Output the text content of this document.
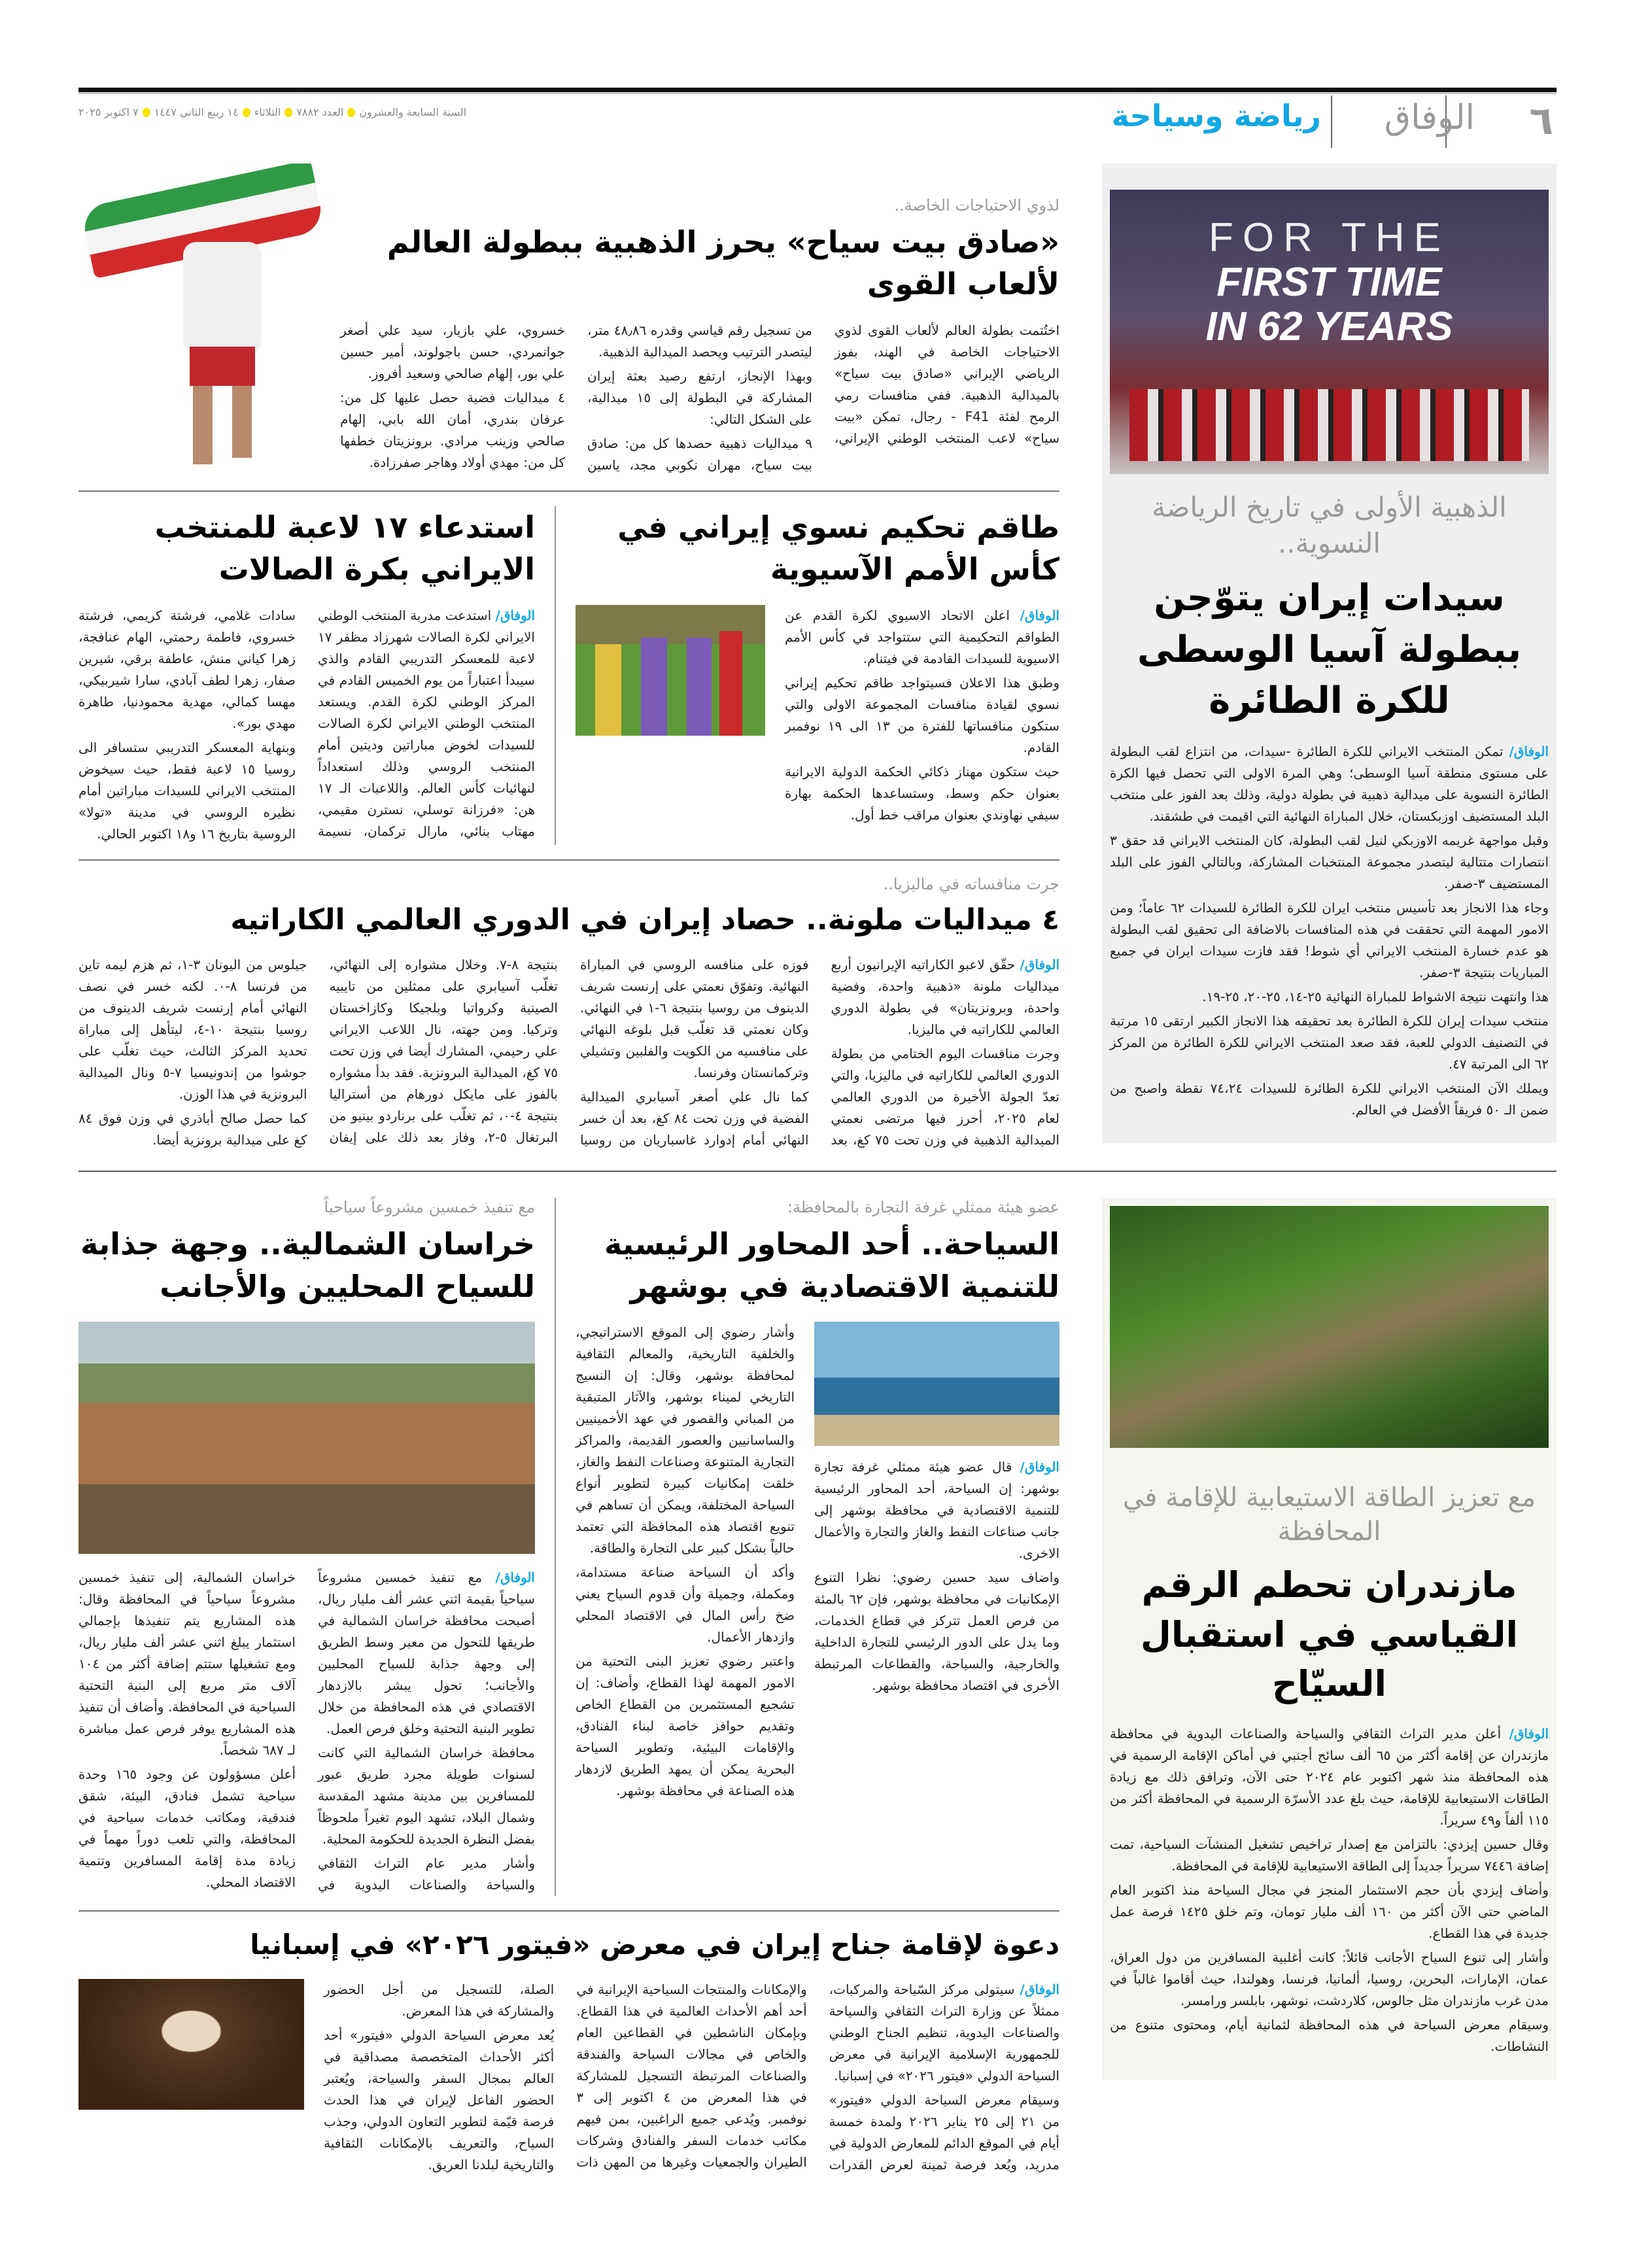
٦
الوفاق
رياضة وسياحة
السنة السابعة والعشرون
العدد ٧٨٨٢
الثلاثاء
١٤ ربيع الثاني ١٤٤٧
٧ اكتوبر ٢٠٢٥
FOR THE
FIRST TIME
IN 62 YEARS
الذهبية الأولى في تاريخ الرياضة النسوية..
سيدات إيران يتوّجن ببطولة آسيا الوسطى للكرة الطائرة

الوفاق/ تمكن المنتخب الايراني للكرة الطائرة -سيدات، من انتزاع لقب البطولة على مستوى منطقة آسيا الوسطى؛ وهي المرة الاولى التي تحصل فيها الكرة الطائرة النسوية على ميدالية ذهبية في بطولة دولية، وذلك بعد الفوز على منتخب البلد المستضيف اوزبكستان، خلال المباراة النهائية التي اقيمت في طشقند.

وقبل مواجهة غريمه الاوزبكي لنيل لقب البطولة، كان المنتخب الايراني قد حقق ٣ انتصارات متتالية ليتصدر مجموعة المنتخبات المشاركة، وبالتالي الفوز على البلد المستضيف ٣-صفر.

وجاء هذا الانجاز بعد تأسيس منتخب ايران للكرة الطائرة للسيدات ٦٢ عاماً؛ ومن الامور المهمة التي تحققت في هذه المنافسات بالاضافة الى تحقيق لقب البطولة هو عدم خسارة المنتخب الايراني أي شوط! فقد فازت سيدات ايران في جميع المباريات بنتيجة ٣-صفر.

هذا وانتهت نتيجة الاشواط للمباراة النهائية ٢٥-١٤، ٢٥-٢٠، ٢٥-١٩.

منتخب سيدات إيران للكرة الطائرة بعد تحقيقه هذا الانجاز الكبير ارتقى ١٥ مرتبة في التصنيف الدولي للعبة، فقد صعد المنتخب الايراني للكرة الطائرة من المركز ٦٢ الى المرتبة ٤٧.

ويملك الآن المنتخب الايراني للكرة الطائرة للسيدات ٧٤،٢٤ نقطة واصبح من ضمن الـ ٥٠ فريقاً الأفضل في العالم.

لذوي الاحتياجات الخاصة..
«صادق بيت سياح» يحرز الذهبية ببطولة العالم لألعاب القوى

اختُتمت بطولة العالم لألعاب القوى لذوي الاحتياجات الخاصة في الهند، بفوز الرياضي الإيراني «صادق بيت سياح» بالميدالية الذهبية. ففي منافسات رمي الرمح لفئة F41 - رجال، تمكن «بيت سياح» لاعب المنتخب الوطني الإيراني، من تسجيل رقم قياسي وقدره ٤٨٫٨٦ متر، ليتصدر الترتيب ويحصد الميدالية الذهبية.

وبهذا الإنجاز، ارتفع رصيد بعثة إيران المشاركة في البطولة إلى ١٥ ميدالية، على الشكل التالي:

٩ ميداليات ذهبية حصدها كل من: صادق بيت سياح، مهران نكوبي مجد، ياسين خسروي، علي بازيار، سيد علي أصغر جوانمردي، حسن باجولوند، أمير حسين علي بور، إلهام صالحي وسعيد أفروز.

٤ ميداليات فضية حصل عليها كل من: عرفان بندري، أمان الله بابي، إلهام صالحي وزينب مرادي. برونزيتان خطفها كل من: مهدي أولاد وهاجر صفرزادة.

طاقم تحكيم نسوي إيراني في كأس الأمم الآسيوية

الوفاق/ اعلن الاتحاد الاسيوي لكرة القدم عن الطواقم التحكيمية التي ستتواجد في كأس الأمم الاسيوية للسيدات القادمة في فيتنام.

وطبق هذا الاعلان فسيتواجد طاقم تحكيم إيراني نسوي لقيادة منافسات المجموعة الاولى والتي ستكون منافساتها للفترة من ١٣ الى ١٩ نوفمبر القادم.

حيث ستكون مهناز ذكائي الحكمة الدولية الايرانية بعنوان حكم وسط، وستساعدها الحكمة بهارة سيفي نهاوندي بعنوان مراقب خط أول.

استدعاء ١٧ لاعبة للمنتخب الايراني بكرة الصالات

الوفاق/ استدعت مدربة المنتخب الوطني الايراني لكرة الصالات شهرزاد مظفر ١٧ لاعبة للمعسكر التدريبي القادم والذي سيبدأ اعتباراً من يوم الخميس القادم في المركز الوطني لكرة القدم. ويستعد المنتخب الوطني الايراني لكرة الصالات للسيدات لخوض مباراتين وديتين أمام المنتخب الروسي وذلك استعداداً لنهائيات كأس العالم. واللاعبات الـ ١٧ هن: «فرزانة توسلي، نسترن مقيمي، مهتاب بنائي، مارال تركمان، نسيمة سادات غلامي، فرشتة كريمي، فرشتة خسروي، فاطمة رحمتي، الهام عنافجة، زهرا كياني منش، عاطفة برقي، شيرين صفار، زهرا لطف آبادي، سارا شيربيكي، مهسا كمالي، مهدية محمودنيا، طاهرة مهدي بور».

وبنهاية المعسكر التدريبي ستسافر الى روسيا ١٥ لاعبة فقط، حيث سيخوض المنتخب الايراني للسيدات مباراتين أمام نظيره الروسي في مدينة «تولا» الروسية بتاريخ ١٦ و١٨ اكتوبر الحالي.

جرت منافساته في ماليزيا..
٤ ميداليات ملونة.. حصاد إيران في الدوري العالمي الكاراتيه

الوفاق/ حقّق لاعبو الكاراتيه الإيرانيون أربع ميداليات ملونة «ذهبية واحدة، وفضية واحدة، وبرونزيتان» في بطولة الدوري العالمي للكاراتيه في ماليزيا.

وجرت منافسات اليوم الختامي من بطولة الدوري العالمي للكاراتيه في ماليزيا، والتي تعدّ الجولة الأخيرة من الدوري العالمي لعام ٢٠٢٥، أحرز فيها مرتضى نعمتي الميدالية الذهبية في وزن تحت ٧٥ كغ، بعد فوزه على منافسه الروسي في المباراة النهائية. وتفوّق نعمتي على إرنست شريف الدينوف من روسيا بنتيجة ٦-١ في النهائي. وكان نعمتي قد تغلّب قبل بلوغه النهائي على منافسيه من الكويت والفلبين وتشيلي وتركمانستان وفرنسا.

كما نال علي أصغر آسيابري الميدالية الفضية في وزن تحت ٨٤ كغ، بعد أن خسر النهائي أمام إدوارد غاسباريان من روسيا بنتيجة ٨-٧. وخلال مشواره إلى النهائي، تغلّب آسيابري على ممثلين من تايبيه الصينية وكرواتيا وبلجيكا وكازاخستان وتركيا. ومن جهته، نال اللاعب الايراني علي رحيمي، المشارك أيضا في وزن تحت ٧٥ كغ، الميدالية البرونزية. فقد بدأ مشواره بالفوز على مايكل دورهام من أستراليا بنتيجة ٤-٠، ثم تغلّب على برناردو بينيو من البرتغال ٥-٢، وفاز بعد ذلك على إيفان جيلوس من اليونان ٣-١، ثم هزم ليمه تاين من فرنسا ٨-٠. لكنه خسر في نصف النهائي أمام إرنست شريف الدينوف من روسيا بنتيجة ١٠-٤، ليتأهل إلى مباراة تحديد المركز الثالث، حيث تغلّب على جوشوا من إندونيسيا ٧-٥ ونال الميدالية البرونزية في هذا الوزن.

كما حصل صالح أباذري في وزن فوق ٨٤ كغ على ميدالية برونزية أيضا.

مع تعزيز الطاقة الاستيعابية للإقامة في المحافظة
مازندران تحطم الرقم القياسي في استقبال السيّاح

الوفاق/ أعلن مدير التراث الثقافي والسياحة والصناعات اليدوية في محافظة مازندران عن إقامة أكثر من ٦٥ ألف سائح أجنبي في أماكن الإقامة الرسمية في هذه المحافظة منذ شهر اكتوبر عام ٢٠٢٤ حتى الآن، وترافق ذلك مع زيادة الطاقات الاستيعابية للإقامة، حيث بلغ عدد الأسرّة الرسمية في المحافظة أكثر من ١١٥ ألفاً و٤٩ سريراً.

وقال حسين إيزدي: بالتزامن مع إصدار تراخيص تشغيل المنشآت السياحية، تمت إضافة ٧٤٤٦ سريراً جديداً إلى الطاقة الاستيعابية للإقامة في المحافظة.

وأضاف إيزدي بأن حجم الاستثمار المنجز في مجال السياحة منذ اكتوبر العام الماضي حتى الآن أكثر من ١٦٠ ألف مليار تومان، وتم خلق ١٤٢٥ فرصة عمل جديدة في هذا القطاع.

وأشار إلى تنوع السياح الأجانب قائلاً: كانت أغلبية المسافرين من دول العراق، عمان، الإمارات، البحرين، روسيا، ألمانيا، فرنسا، وهولندا، حيث أقاموا غالباً في مدن غرب مازندران مثل جالوس، كلاردشت، نوشهر، بابلسر ورامسر.

وسيقام معرض السياحة في هذه المحافظة لثمانية أيام، ومحتوى متنوع من النشاطات.

عضو هيئة ممثلي غرفة التجارة بالمحافظة:
السياحة.. أحد المحاور الرئيسية للتنمية الاقتصادية في بوشهر

الوفاق/ قال عضو هيئة ممثلي غرفة تجارة بوشهر: إن السياحة، أحد المحاور الرئيسية للتنمية الاقتصادية في محافظة بوشهر إلى جانب صناعات النفط والغاز والتجارة والأعمال الاخرى.

واضاف سيد حسين رضوي: نظرا التنوع الإمكانيات في محافظة بوشهر، فإن ٦٢ بالمئة من فرص العمل تتركز في قطاع الخدمات، وما يدل على الدور الرئيسي للتجارة الداخلية والخارجية، والسياحة، والقطاعات المرتبطة الأخرى في اقتصاد محافظة بوشهر.

وأشار رضوي إلى الموقع الاستراتيجي، والخلفية التاريخية، والمعالم الثقافية لمحافظة بوشهر، وقال: إن النسيج التاريخي لميناء بوشهر، والآثار المتبقية من المباني والقصور في عهد الأخمينيين والساسانيين والعصور القديمة، والمراكز التجارية المتنوعة وصناعات النفط والغاز، خلقت إمكانيات كبيرة لتطوير أنواع السياحة المختلفة، ويمكن أن تساهم في تنويع اقتصاد هذه المحافظة التي تعتمد حالياً بشكل كبير على التجارة والطاقة.

وأكد أن السياحة صناعة مستدامة، ومكملة، وجميلة وأن قدوم السياح يعني ضخ رأس المال في الاقتصاد المحلي وازدهار الأعمال.

واعتبر رضوي تعزيز البنى التحتية من الامور المهمة لهذا القطاع، وأضاف: إن تشجيع المستثمرين من القطاع الخاص وتقديم حوافز خاصة لبناء الفنادق، والإقامات البيئية، وتطوير السياحة البحرية يمكن أن يمهد الطريق لازدهار هذه الصناعة في محافظة بوشهر.

مع تنفيذ خمسين مشروعاً سياحياً
خراسان الشمالية.. وجهة جذابة للسياح المحليين والأجانب

الوفاق/ مع تنفيذ خمسين مشروعاً سياحياً بقيمة اثني عشر ألف مليار ريال، أصبحت محافظة خراسان الشمالية في طريقها للتحول من معبر وسط الطريق إلى وجهة جذابة للسياح المحليين والأجانب؛ تحول يبشر بالازدهار الاقتصادي في هذه المحافظة من خلال تطوير البنية التحتية وخلق فرص العمل.

محافظة خراسان الشمالية التي كانت لسنوات طويلة مجرد طريق عبور للمسافرين بين مدينة مشهد المقدسة وشمال البلاد، تشهد اليوم تغيراً ملحوظاً بفضل النظرة الجديدة للحكومة المحلية.

وأشار مدير عام التراث الثقافي والسياحة والصناعات اليدوية في خراسان الشمالية، إلى تنفيذ خمسين مشروعاً سياحياً في المحافظة وقال: هذه المشاريع يتم تنفيذها بإجمالي استثمار يبلغ اثني عشر ألف مليار ريال، ومع تشغيلها ستتم إضافة أكثر من ١٠٤ آلاف متر مربع إلى البنية التحتية السياحية في المحافظة. وأضاف أن تنفيذ هذه المشاريع يوفر فرص عمل مباشرة لـ ٦٨٧ شخصاً.

أعلن مسؤولون عن وجود ١٦٥ وحدة سياحية تشمل فنادق، البيئة، شقق فندقية، ومكاتب خدمات سياحية في المحافظة، والتي تلعب دوراً مهماً في زيادة مدة إقامة المسافرين وتنمية الاقتصاد المحلي.

دعوة لإقامة جناح إيران في معرض «فيتور ٢٠٢٦» في إسبانيا

الوفاق/ سيتولى مركز السّياحة والمركبات، ممثلاً عن وزارة التراث الثقافي والسياحة والصناعات اليدوية، تنظيم الجناح الوطني للجمهورية الإسلامية الإيرانية في معرض السياحة الدولي «فيتور ٢٠٢٦» في إسبانيا.

وسيقام معرض السياحة الدولي «فيتور» من ٢١ إلى ٢٥ يناير ٢٠٢٦ ولمدة خمسة أيام في الموقع الدائم للمعارض الدولية في مدريد، ويُعد فرصة ثمينة لعرض القدرات والإمكانات والمنتجات السياحية الإيرانية في أحد أهم الأحداث العالمية في هذا القطاع. وبإمكان الناشطين في القطاعين العام والخاص في مجالات السياحة والفندقة والصناعات المرتبطة التسجيل للمشاركة في هذا المعرض من ٤ اكتوبر إلى ٣ نوفمبر. ويُدعى جميع الراغبين، بمن فيهم مكاتب خدمات السفر والفنادق وشركات الطيران والجمعيات وغيرها من المهن ذات الصلة، للتسجيل من أجل الحضور والمشاركة في هذا المعرض.

يُعد معرض السياحة الدولي «فيتور» أحد أكثر الأحداث المتخصصة مصداقية في العالم بمجال السفر والسياحة، ويُعتبر الحضور الفاعل لإيران في هذا الحدث فرصة قيّمة لتطوير التعاون الدولي، وجذب السياح، والتعريف بالإمكانات الثقافية والتاريخية لبلدنا العريق.
